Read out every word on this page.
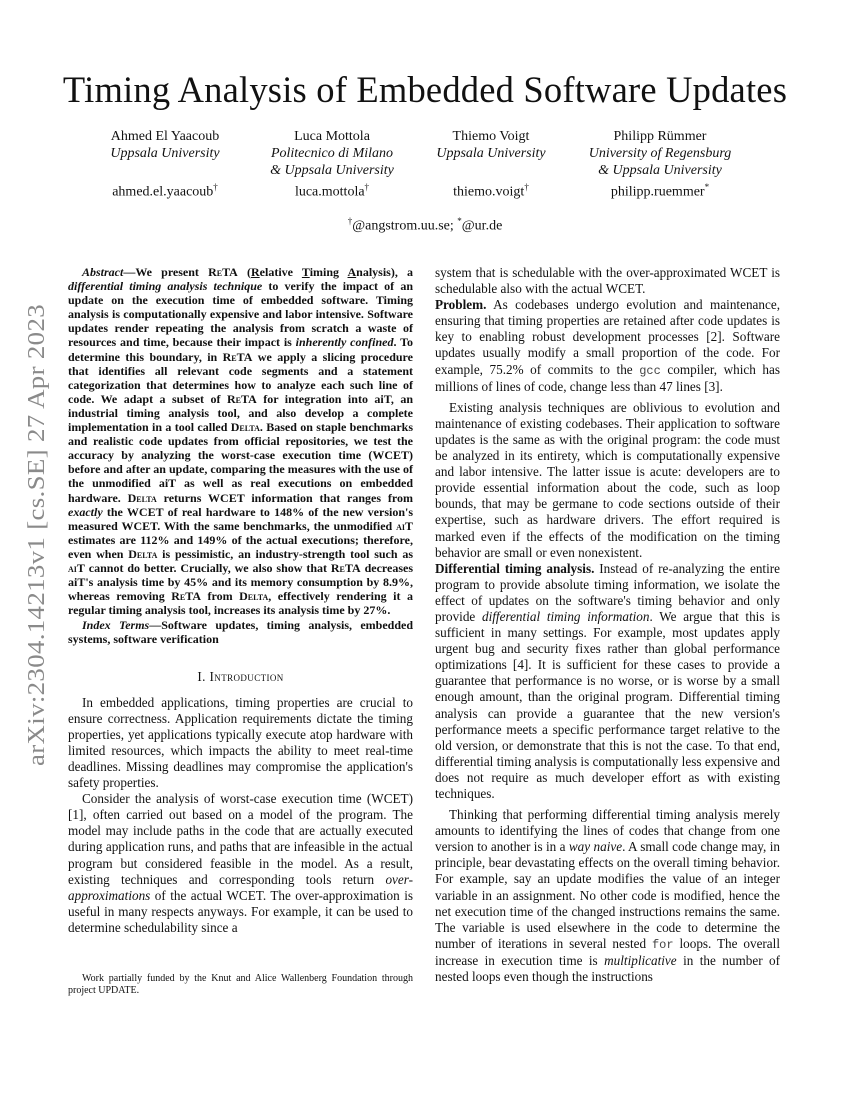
arXiv:2304.14213v1 [cs.SE] 27 Apr 2023
Timing Analysis of Embedded Software Updates
Ahmed El Yaacoub
Uppsala University
ahmed.el.yaacoub†
Luca Mottola
Politecnico di Milano
& Uppsala University
luca.mottola†
Thiemo Voigt
Uppsala University
thiemo.voigt†
Philipp Rümmer
University of Regensburg
& Uppsala University
philipp.ruemmer*
†@angstrom.uu.se; *@ur.de

Abstract—We present ReTA (Relative Timing Analysis), a differential timing analysis technique to verify the impact of an update on the execution time of embedded software. Timing analysis is computationally expensive and labor intensive. Software updates render repeating the analysis from scratch a waste of resources and time, because their impact is inherently confined. To determine this boundary, in ReTA we apply a slicing procedure that identifies all relevant code segments and a statement categorization that determines how to analyze each such line of code. We adapt a subset of ReTA for integration into aiT, an industrial timing analysis tool, and also develop a complete implementation in a tool called Delta. Based on staple benchmarks and realistic code updates from official repositories, we test the accuracy by analyzing the worst-case execution time (WCET) before and after an update, comparing the measures with the use of the unmodified aiT as well as real executions on embedded hardware. Delta returns WCET information that ranges from exactly the WCET of real hardware to 148% of the new version's measured WCET. With the same benchmarks, the unmodified aiT estimates are 112% and 149% of the actual executions; therefore, even when Delta is pessimistic, an industry-strength tool such as aiT cannot do better. Crucially, we also show that ReTA decreases aiT's analysis time by 45% and its memory consumption by 8.9%, whereas removing ReTA from Delta, effectively rendering it a regular timing analysis tool, increases its analysis time by 27%.

Index Terms—Software updates, timing analysis, embedded systems, software verification

I. Introduction

In embedded applications, timing properties are crucial to ensure correctness. Application requirements dictate the timing properties, yet applications typically execute atop hardware with limited resources, which impacts the ability to meet real-time deadlines. Missing deadlines may compromise the application's safety properties.

Consider the analysis of worst-case execution time (WCET) [1], often carried out based on a model of the program. The model may include paths in the code that are actually executed during application runs, and paths that are infeasible in the actual program but considered feasible in the model. As a result, existing techniques and corresponding tools return over-approximations of the actual WCET. The over-approximation is useful in many respects anyways. For example, it can be used to determine schedulability since a

Work partially funded by the Knut and Alice Wallenberg Foundation through project UPDATE.

system that is schedulable with the over-approximated WCET is schedulable also with the actual WCET.

Problem. As codebases undergo evolution and maintenance, ensuring that timing properties are retained after code updates is key to enabling robust development processes [2]. Software updates usually modify a small proportion of the code. For example, 75.2% of commits to the gcc compiler, which has millions of lines of code, change less than 47 lines [3].

Existing analysis techniques are oblivious to evolution and maintenance of existing codebases. Their application to software updates is the same as with the original program: the code must be analyzed in its entirety, which is computationally expensive and labor intensive. The latter issue is acute: developers are to provide essential information about the code, such as loop bounds, that may be germane to code sections outside of their expertise, such as hardware drivers. The effort required is marked even if the effects of the modification on the timing behavior are small or even nonexistent.

Differential timing analysis. Instead of re-analyzing the entire program to provide absolute timing information, we isolate the effect of updates on the software's timing behavior and only provide differential timing information. We argue that this is sufficient in many settings. For example, most updates apply urgent bug and security fixes rather than global performance optimizations [4]. It is sufficient for these cases to provide a guarantee that performance is no worse, or is worse by a small enough amount, than the original program. Differential timing analysis can provide a guarantee that the new version's performance meets a specific performance target relative to the old version, or demonstrate that this is not the case. To that end, differential timing analysis is computationally less expensive and does not require as much developer effort as with existing techniques.

Thinking that performing differential timing analysis merely amounts to identifying the lines of codes that change from one version to another is in a way naive. A small code change may, in principle, bear devastating effects on the overall timing behavior. For example, say an update modifies the value of an integer variable in an assignment. No other code is modified, hence the net execution time of the changed instructions remains the same. The variable is used elsewhere in the code to determine the number of iterations in several nested for loops. The overall increase in execution time is multiplicative in the number of nested loops even though the instructions
